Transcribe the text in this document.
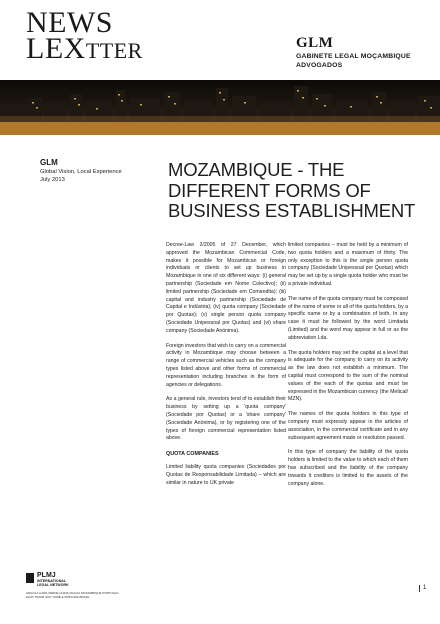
NEWS
LEXTTER	GLM
GABINETE LEGAL MOÇAMBIQUE
ADVOGADOS
GLM
Global Vision, Local Experience
July 2013	MOZAMBIQUE - THE
DIFFERENT FORMS OF
BUSINESS ESTABLISHMENT

Decree-Law 2/2005 of 27 December, which approved the Mozambican Commercial Code, makes it possible for Mozambican or foreign individuals or clients to set up business in Mozambique in one of six different ways: (i) general partnership (Sociedade em Nome Colectivo); (ii) limited partnership (Sociedade em Comandita); (iii) capital and industry partnership (Sociedade de Capital e Indústria); (iv) quota company (Sociedade por Quotas); (v) single person quota company (Sociedade Unipessoal por Quotas) and (vi) share company (Sociedade Anónima).

Foreign investors that wish to carry on a commercial activity in Mozambique may choose between a range of commercial vehicles such as the company types listed above and other forms of commercial representation including branches in the form of agencies or delegations.

As a general rule, investors tend of to establish their business by setting up a 'quota company' (Sociedade por Quotas) or a 'share company' (Sociedade Anónima), or by registering one of the types of foreign commercial representation listed above.

QUOTA COMPANIES

Limited liability quota companies (Sociedades por Quotas de Responsabilidade Limitada) – which are similar in nature to UK private

limited companies – must be held by a minimum of two quota holders and a maximum of thirty. The only exception to this is the single person quota company (Sociedade Unipessoal por Quotas) which may be set up by a single quota holder who must be a private individual.

The name of the quota company must be composed of the name of some or all of the quota holders, by a specific name or by a combination of both. In any case it must be followed by the word Limitada (Limited) and the word may appear in full or as the abbreviation Lda.

The quota holders may set the capital at a level that is adequate for the company to carry on its activity as the law does not establish a minimum. The capital must correspond to the sum of the nominal values of the each of the quotas and must be expressed in the Mozambican currency (the Metical/ MZN).

The names of the quota holders in this type of company must expressly appear in the articles of association, in the commercial certificate and in any subsequent agreement made or resolution passed.

In this type of company the liability of the quota holders is limited to the value to which each of them has subscribed and the liability of the company towards it creditors is limited to the assets of the company alone.

PLMJ
INTERNATIONAL
LEGAL NETWORK
ANGOLA CAPE VERDE CHINA MACAU MOZAMBIQUE PORTUGAL
EAST TIMOR SÃO TOMÉ E PRÍNCIPE BRAZIL
1
